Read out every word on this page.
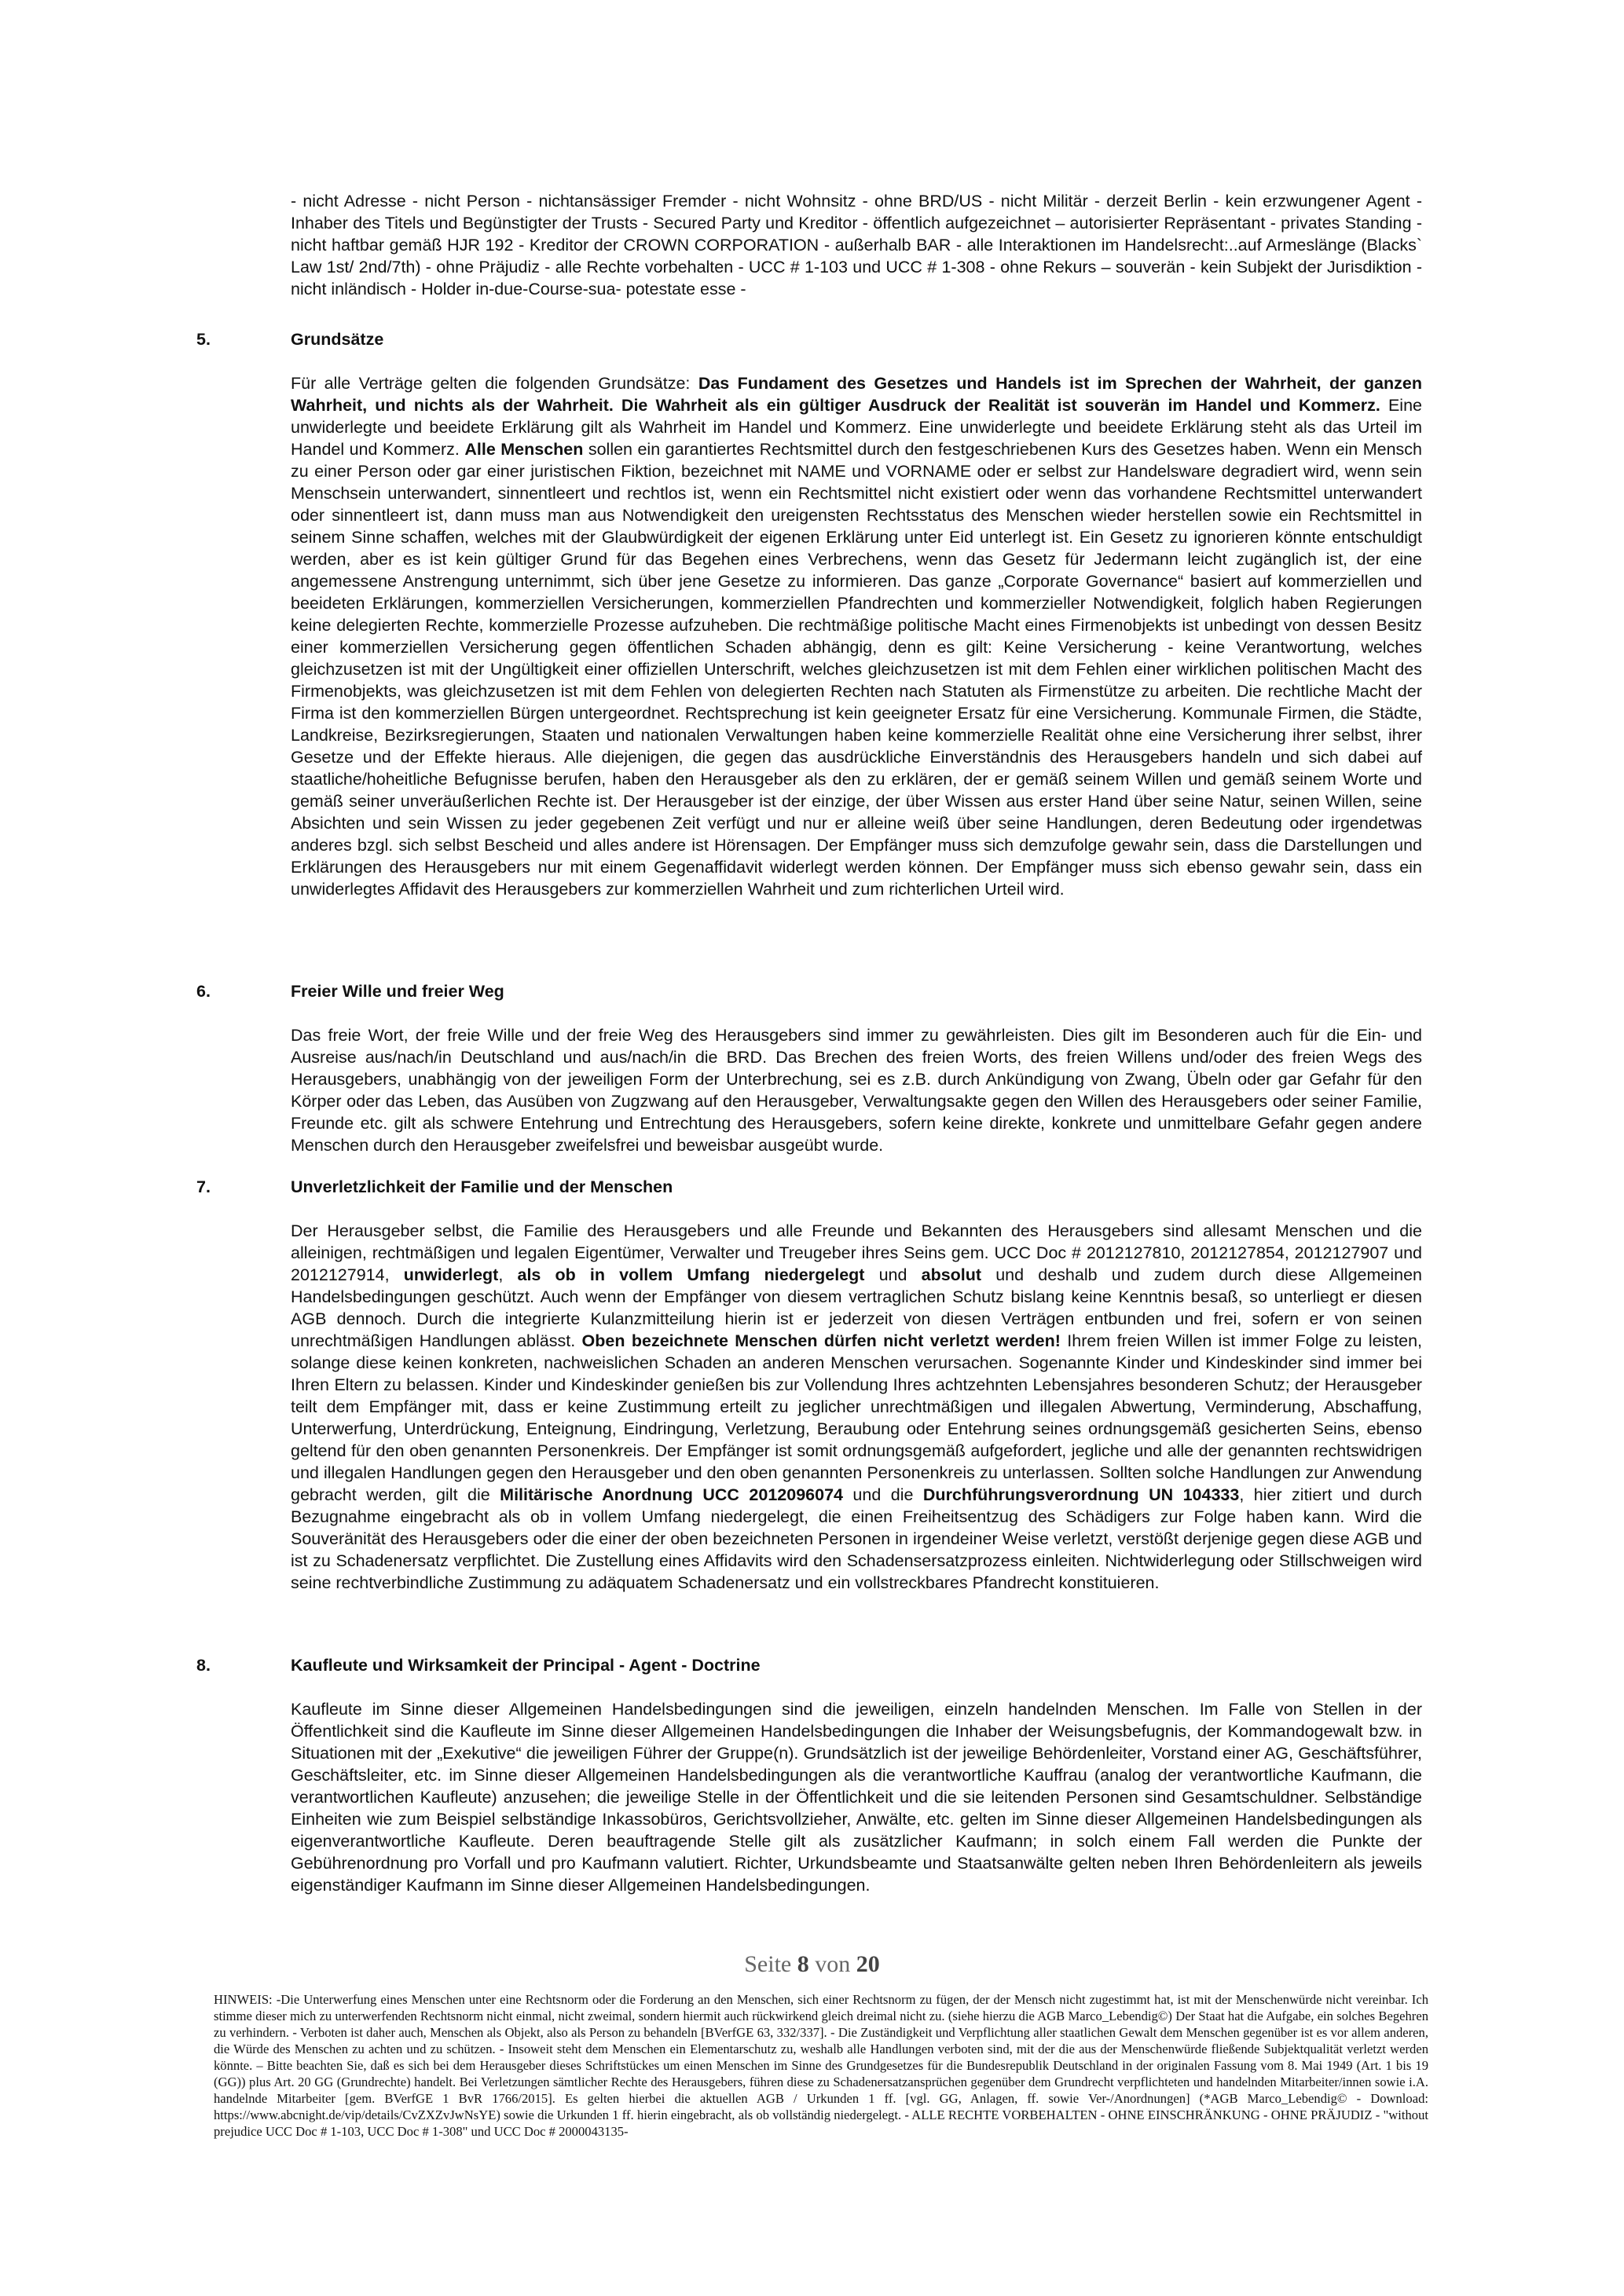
- nicht Adresse - nicht Person - nichtansässiger Fremder - nicht Wohnsitz - ohne BRD/US - nicht Militär - derzeit Berlin - kein erzwungener Agent - Inhaber des Titels und Begünstigter der Trusts - Secured Party und Kreditor - öffentlich aufgezeichnet – autorisierter Repräsentant - privates Standing - nicht haftbar gemäß HJR 192 - Kreditor der CROWN CORPORATION - außerhalb BAR - alle Interaktionen im Handelsrecht:..auf Armeslänge (Blacks` Law 1st/ 2nd/7th) - ohne Präjudiz - alle Rechte vorbehalten - UCC # 1-103 und UCC # 1-308 - ohne Rekurs – souverän - kein Subjekt der Jurisdiktion - nicht inländisch - Holder in-due-Course-sua- potestate esse -

5.	Grundsätze

Für alle Verträge gelten die folgenden Grundsätze: Das Fundament des Gesetzes und Handels ist im Sprechen der Wahrheit, der ganzen Wahrheit, und nichts als der Wahrheit. Die Wahrheit als ein gültiger Ausdruck der Realität ist souverän im Handel und Kommerz. Eine unwiderlegte und beeidete Erklärung gilt als Wahrheit im Handel und Kommerz. Eine unwiderlegte und beeidete Erklärung steht als das Urteil im Handel und Kommerz. Alle Menschen sollen ein garantiertes Rechtsmittel durch den festgeschriebenen Kurs des Gesetzes haben. Wenn ein Mensch zu einer Person oder gar einer juristischen Fiktion, bezeichnet mit NAME und VORNAME oder er selbst zur Handelsware degradiert wird, wenn sein Menschsein unterwandert, sinnentleert und rechtlos ist, wenn ein Rechtsmittel nicht existiert oder wenn das vorhandene Rechtsmittel unterwandert oder sinnentleert ist, dann muss man aus Notwendigkeit den ureigensten Rechtsstatus des Menschen wieder herstellen sowie ein Rechtsmittel in seinem Sinne schaffen, welches mit der Glaubwürdigkeit der eigenen Erklärung unter Eid unterlegt ist. Ein Gesetz zu ignorieren könnte entschuldigt werden, aber es ist kein gültiger Grund für das Begehen eines Verbrechens, wenn das Gesetz für Jedermann leicht zugänglich ist, der eine angemessene Anstrengung unternimmt, sich über jene Gesetze zu informieren. Das ganze „Corporate Governance“ basiert auf kommerziellen und beeideten Erklärungen, kommerziellen Versicherungen, kommerziellen Pfandrechten und kommerzieller Notwendigkeit, folglich haben Regierungen keine delegierten Rechte, kommerzielle Prozesse aufzuheben. Die rechtmäßige politische Macht eines Firmenobjekts ist unbedingt von dessen Besitz einer kommerziellen Versicherung gegen öffentlichen Schaden abhängig, denn es gilt: Keine Versicherung - keine Verantwortung, welches gleichzusetzen ist mit der Ungültigkeit einer offiziellen Unterschrift, welches gleichzusetzen ist mit dem Fehlen einer wirklichen politischen Macht des Firmenobjekts, was gleichzusetzen ist mit dem Fehlen von delegierten Rechten nach Statuten als Firmenstütze zu arbeiten. Die rechtliche Macht der Firma ist den kommerziellen Bürgen untergeordnet. Rechtsprechung ist kein geeigneter Ersatz für eine Versicherung. Kommunale Firmen, die Städte, Landkreise, Bezirksregierungen, Staaten und nationalen Verwaltungen haben keine kommerzielle Realität ohne eine Versicherung ihrer selbst, ihrer Gesetze und der Effekte hieraus. Alle diejenigen, die gegen das ausdrückliche Einverständnis des Herausgebers handeln und sich dabei auf staatliche/hoheitliche Befugnisse berufen, haben den Herausgeber als den zu erklären, der er gemäß seinem Willen und gemäß seinem Worte und gemäß seiner unveräußerlichen Rechte ist. Der Herausgeber ist der einzige, der über Wissen aus erster Hand über seine Natur, seinen Willen, seine Absichten und sein Wissen zu jeder gegebenen Zeit verfügt und nur er alleine weiß über seine Handlungen, deren Bedeutung oder irgendetwas anderes bzgl. sich selbst Bescheid und alles andere ist Hörensagen. Der Empfänger muss sich demzufolge gewahr sein, dass die Darstellungen und Erklärungen des Herausgebers nur mit einem Gegenaffidavit widerlegt werden können. Der Empfänger muss sich ebenso gewahr sein, dass ein unwiderlegtes Affidavit des Herausgebers zur kommerziellen Wahrheit und zum richterlichen Urteil wird.

6.	Freier Wille und freier Weg

Das freie Wort, der freie Wille und der freie Weg des Herausgebers sind immer zu gewährleisten. Dies gilt im Besonderen auch für die Ein- und Ausreise aus/nach/in Deutschland und aus/nach/in die BRD. Das Brechen des freien Worts, des freien Willens und/oder des freien Wegs des Herausgebers, unabhängig von der jeweiligen Form der Unterbrechung, sei es z.B. durch Ankündigung von Zwang, Übeln oder gar Gefahr für den Körper oder das Leben, das Ausüben von Zugzwang auf den Herausgeber, Verwaltungsakte gegen den Willen des Herausgebers oder seiner Familie, Freunde etc. gilt als schwere Entehrung und Entrechtung des Herausgebers, sofern keine direkte, konkrete und unmittelbare Gefahr gegen andere Menschen durch den Herausgeber zweifelsfrei und beweisbar ausgeübt wurde.

7.	Unverletzlichkeit der Familie und der Menschen

Der Herausgeber selbst, die Familie des Herausgebers und alle Freunde und Bekannten des Herausgebers sind allesamt Menschen und die alleinigen, rechtmäßigen und legalen Eigentümer, Verwalter und Treugeber ihres Seins gem. UCC Doc # 2012127810, 2012127854, 2012127907 und 2012127914, unwiderlegt, als ob in vollem Umfang niedergelegt und absolut und deshalb und zudem durch diese Allgemeinen Handelsbedingungen geschützt. Auch wenn der Empfänger von diesem vertraglichen Schutz bislang keine Kenntnis besaß, so unterliegt er diesen AGB dennoch. Durch die integrierte Kulanzmitteilung hierin ist er jederzeit von diesen Verträgen entbunden und frei, sofern er von seinen unrechtmäßigen Handlungen ablässt. Oben bezeichnete Menschen dürfen nicht verletzt werden! Ihrem freien Willen ist immer Folge zu leisten, solange diese keinen konkreten, nachweislichen Schaden an anderen Menschen verursachen. Sogenannte Kinder und Kindeskinder sind immer bei Ihren Eltern zu belassen. Kinder und Kindeskinder genießen bis zur Vollendung Ihres achtzehnten Lebensjahres besonderen Schutz; der Herausgeber teilt dem Empfänger mit, dass er keine Zustimmung erteilt zu jeglicher unrechtmäßigen und illegalen Abwertung, Verminderung, Abschaffung, Unterwerfung, Unterdrückung, Enteignung, Eindringung, Verletzung, Beraubung oder Entehrung seines ordnungsgemäß gesicherten Seins, ebenso geltend für den oben genannten Personenkreis. Der Empfänger ist somit ordnungsgemäß aufgefordert, jegliche und alle der genannten rechtswidrigen und illegalen Handlungen gegen den Herausgeber und den oben genannten Personenkreis zu unterlassen. Sollten solche Handlungen zur Anwendung gebracht werden, gilt die Militärische Anordnung UCC 2012096074 und die Durchführungsverordnung UN 104333, hier zitiert und durch Bezugnahme eingebracht als ob in vollem Umfang niedergelegt, die einen Freiheitsentzug des Schädigers zur Folge haben kann. Wird die Souveränität des Herausgebers oder die einer der oben bezeichneten Personen in irgendeiner Weise verletzt, verstößt derjenige gegen diese AGB und ist zu Schadenersatz verpflichtet. Die Zustellung eines Affidavits wird den Schadensersatzprozess einleiten. Nichtwiderlegung oder Stillschweigen wird seine rechtverbindliche Zustimmung zu adäquatem Schadenersatz und ein vollstreckbares Pfandrecht konstituieren.

8.	Kaufleute und Wirksamkeit der Principal - Agent - Doctrine

Kaufleute im Sinne dieser Allgemeinen Handelsbedingungen sind die jeweiligen, einzeln handelnden Menschen. Im Falle von Stellen in der Öffentlichkeit sind die Kaufleute im Sinne dieser Allgemeinen Handelsbedingungen die Inhaber der Weisungsbefugnis, der Kommandogewalt bzw. in Situationen mit der „Exekutive“ die jeweiligen Führer der Gruppe(n). Grundsätzlich ist der jeweilige Behördenleiter, Vorstand einer AG, Geschäftsführer, Geschäftsleiter, etc. im Sinne dieser Allgemeinen Handelsbedingungen als die verantwortliche Kauffrau (analog der verantwortliche Kaufmann, die verantwortlichen Kaufleute) anzusehen; die jeweilige Stelle in der Öffentlichkeit und die sie leitenden Personen sind Gesamtschuldner. Selbständige Einheiten wie zum Beispiel selbständige Inkassobüros, Gerichtsvollzieher, Anwälte, etc. gelten im Sinne dieser Allgemeinen Handelsbedingungen als eigenverantwortliche Kaufleute. Deren beauftragende Stelle gilt als zusätzlicher Kaufmann; in solch einem Fall werden die Punkte der Gebührenordnung pro Vorfall und pro Kaufmann valutiert. Richter, Urkundsbeamte und Staatsanwälte gelten neben Ihren Behördenleitern als jeweils eigenständiger Kaufmann im Sinne dieser Allgemeinen Handelsbedingungen.

Seite 8 von 20

HINWEIS: -Die Unterwerfung eines Menschen unter eine Rechtsnorm oder die Forderung an den Menschen, sich einer Rechtsnorm zu fügen, der der Mensch nicht zugestimmt hat, ist mit der Menschenwürde nicht vereinbar. Ich stimme dieser mich zu unterwerfenden Rechtsnorm nicht einmal, nicht zweimal, sondern hiermit auch rückwirkend gleich dreimal nicht zu. (siehe hierzu die AGB Marco_Lebendig©) Der Staat hat die Aufgabe, ein solches Begehren zu verhindern. - Verboten ist daher auch, Menschen als Objekt, also als Person zu behandeln [BVerfGE 63, 332/337]. - Die Zuständigkeit und Verpflichtung aller staatlichen Gewalt dem Menschen gegenüber ist es vor allem anderen, die Würde des Menschen zu achten und zu schützen. - Insoweit steht dem Menschen ein Elementarschutz zu, weshalb alle Handlungen verboten sind, mit der die aus der Menschenwürde fließende Subjektqualität verletzt werden könnte. – Bitte beachten Sie, daß es sich bei dem Herausgeber dieses Schriftstückes um einen Menschen im Sinne des Grundgesetzes für die Bundesrepublik Deutschland in der originalen Fassung vom 8. Mai 1949 (Art. 1 bis 19 (GG)) plus Art. 20 GG (Grundrechte) handelt. Bei Verletzungen sämtlicher Rechte des Herausgebers, führen diese zu Schadenersatzansprüchen gegenüber dem Grundrecht verpflichteten und handelnden Mitarbeiter/innen sowie i.A. handelnde Mitarbeiter [gem. BVerfGE 1 BvR 1766/2015]. Es gelten hierbei die aktuellen AGB / Urkunden 1 ff. [vgl. GG, Anlagen, ff. sowie Ver-/Anordnungen] (*AGB Marco_Lebendig© - Download: https://www.abcnight.de/vip/details/CvZXZvJwNsYE) sowie die Urkunden 1 ff. hierin eingebracht, als ob vollständig niedergelegt. - ALLE RECHTE VORBEHALTEN - OHNE EINSCHRÄNKUNG - OHNE PRÄJUDIZ - "without prejudice UCC Doc # 1-103, UCC Doc # 1-308" und UCC Doc # 2000043135-
